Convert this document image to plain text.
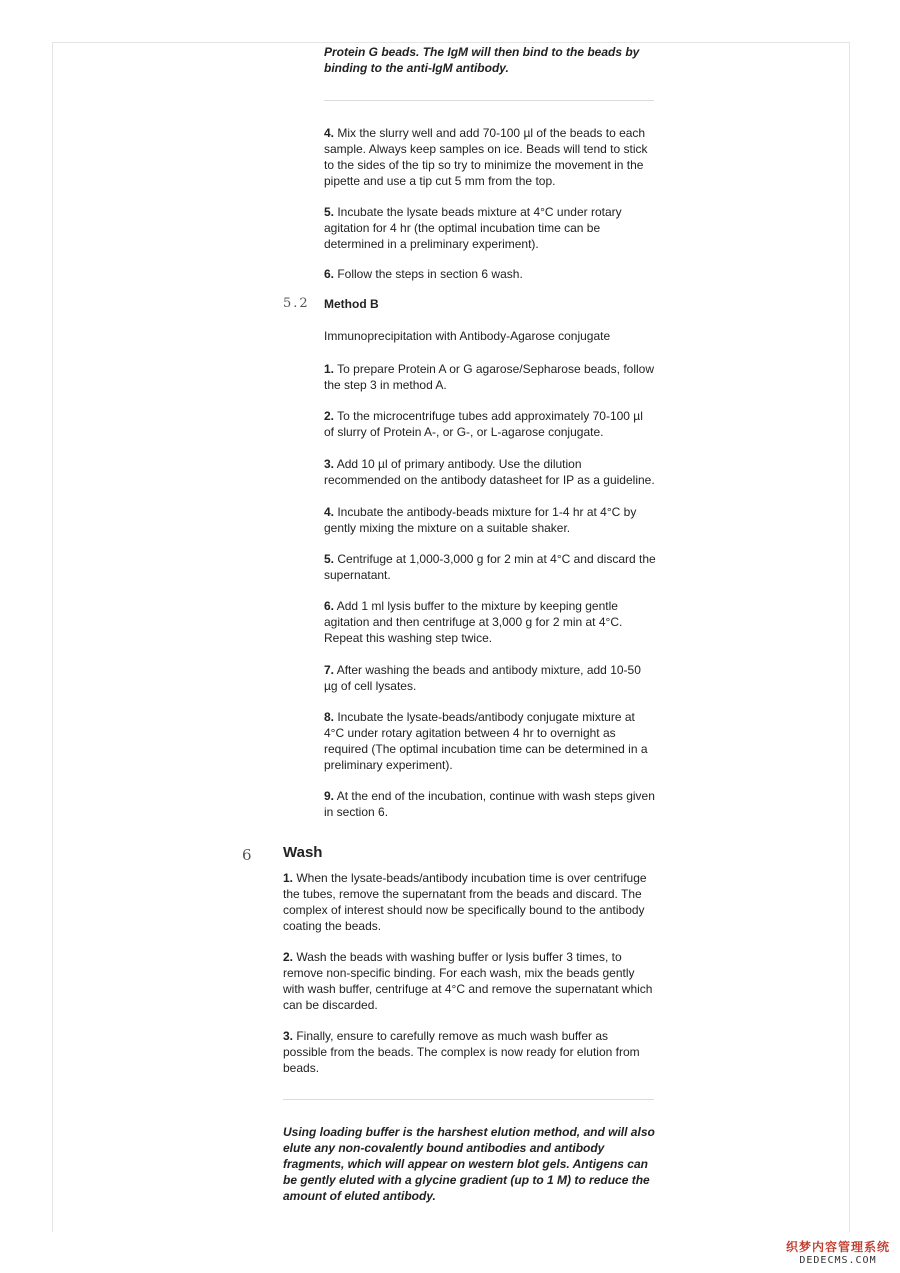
Protein G beads. The IgM will then bind to the beads by binding to the anti-IgM antibody.
4. Mix the slurry well and add 70-100 µl of the beads to each sample. Always keep samples on ice. Beads will tend to stick to the sides of the tip so try to minimize the movement in the pipette and use a tip cut 5 mm from the top.
5. Incubate the lysate beads mixture at 4°C under rotary agitation for 4 hr (the optimal incubation time can be determined in a preliminary experiment).
6. Follow the steps in section 6 wash.
5.2 Method B
Immunoprecipitation with Antibody-Agarose conjugate
1. To prepare Protein A or G agarose/Sepharose beads, follow the step 3 in method A.
2. To the microcentrifuge tubes add approximately 70-100 µl of slurry of Protein A-, or G-, or L-agarose conjugate.
3. Add 10 µl of primary antibody. Use the dilution recommended on the antibody datasheet for IP as a guideline.
4. Incubate the antibody-beads mixture for 1-4 hr at 4°C by gently mixing the mixture on a suitable shaker.
5. Centrifuge at 1,000-3,000 g for 2 min at 4°C and discard the supernatant.
6. Add 1 ml lysis buffer to the mixture by keeping gentle agitation and then centrifuge at 3,000 g for 2 min at 4°C. Repeat this washing step twice.
7. After washing the beads and antibody mixture, add 10-50 µg of cell lysates.
8. Incubate the lysate-beads/antibody conjugate mixture at 4°C under rotary agitation between 4 hr to overnight as required (The optimal incubation time can be determined in a preliminary experiment).
9. At the end of the incubation, continue with wash steps given in section 6.
6 Wash
1. When the lysate-beads/antibody incubation time is over centrifuge the tubes, remove the supernatant from the beads and discard. The complex of interest should now be specifically bound to the antibody coating the beads.
2. Wash the beads with washing buffer or lysis buffer 3 times, to remove non-specific binding. For each wash, mix the beads gently with wash buffer, centrifuge at 4°C and remove the supernatant which can be discarded.
3. Finally, ensure to carefully remove as much wash buffer as possible from the beads. The complex is now ready for elution from beads.
Using loading buffer is the harshest elution method, and will also elute any non-covalently bound antibodies and antibody fragments, which will appear on western blot gels. Antigens can be gently eluted with a glycine gradient (up to 1 M) to reduce the amount of eluted antibody.
织梦内容管理系统
DEDECMS.COM
